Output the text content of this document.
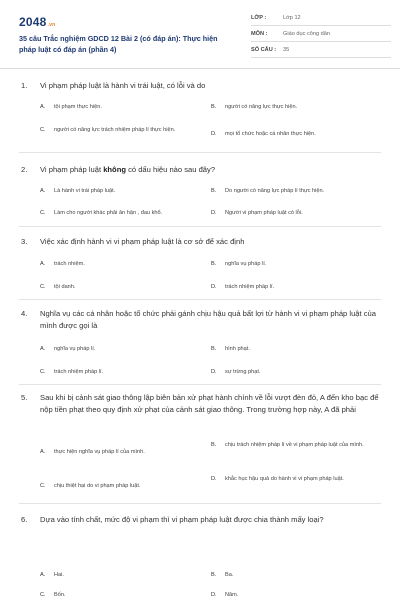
2048.vn
35 câu Trắc nghiệm GDCD 12 Bài 2 (có đáp án): Thực hiện pháp luật có đáp án (phần 4)
LỚP :	Lớp 12
MÔN :	Giáo dục công dân
SỐ CÂU :	35
1.	Vi phạm pháp luật là hành vi trái luật, có lỗi và do
A.	tội phạm thực hiện.	B.	người có năng lực thực hiện.
C.	người có năng lực trách nhiệm pháp lí thực hiện.
D.	mọi tổ chức hoặc cá nhân thực hiện.
2.	Vi phạm pháp luật không có dấu hiệu nào sau đây?
A.	Là hành vi trái pháp luật.	B.	Do người có năng lực pháp lí thực hiện.
C.	Làm cho người khác phải ân hận , đau khổ.	D.	Người vi phạm pháp luật có lỗi.
3.	Việc xác định hành vi vi phạm pháp luật là cơ sở để xác định
A.	trách nhiệm.	B.	nghĩa vụ pháp lí.
C.	tội danh.	D.	trách nhiệm pháp lí.
4.	Nghĩa vụ các cá nhân hoặc tổ chức phải gánh chịu hậu quả bất lợi từ hành vi vi phạm pháp luật của mình được gọi là
A.	nghĩa vụ pháp lí.	B.	hình phạt.
C.	trách nhiệm pháp lí.	D.	sự trừng phạt.
5.	Sau khi bị cảnh sát giao thông lập biên bản xử phạt hành chính về lỗi vượt đèn đỏ, A đến kho bạc để nộp tiền phạt theo quy định xử phạt của cảnh sát giao thông. Trong trường hợp này, A đã phải
A.	thực hiện nghĩa vụ pháp lí của mình.
B.	chịu trách nhiệm pháp lí về vi phạm pháp luật của mình.
C.	chịu thiệt hại do vi phạm pháp luật.
D.	khắc hục hậu quả do hành vi vi phạm pháp luật.
6.	Dựa vào tính chất, mức độ vi phạm thì vi phạm pháp luật được chia thành mấy loại?
A.	Hai.	B.	Ba.
C.	Bốn.	D.	Năm.
